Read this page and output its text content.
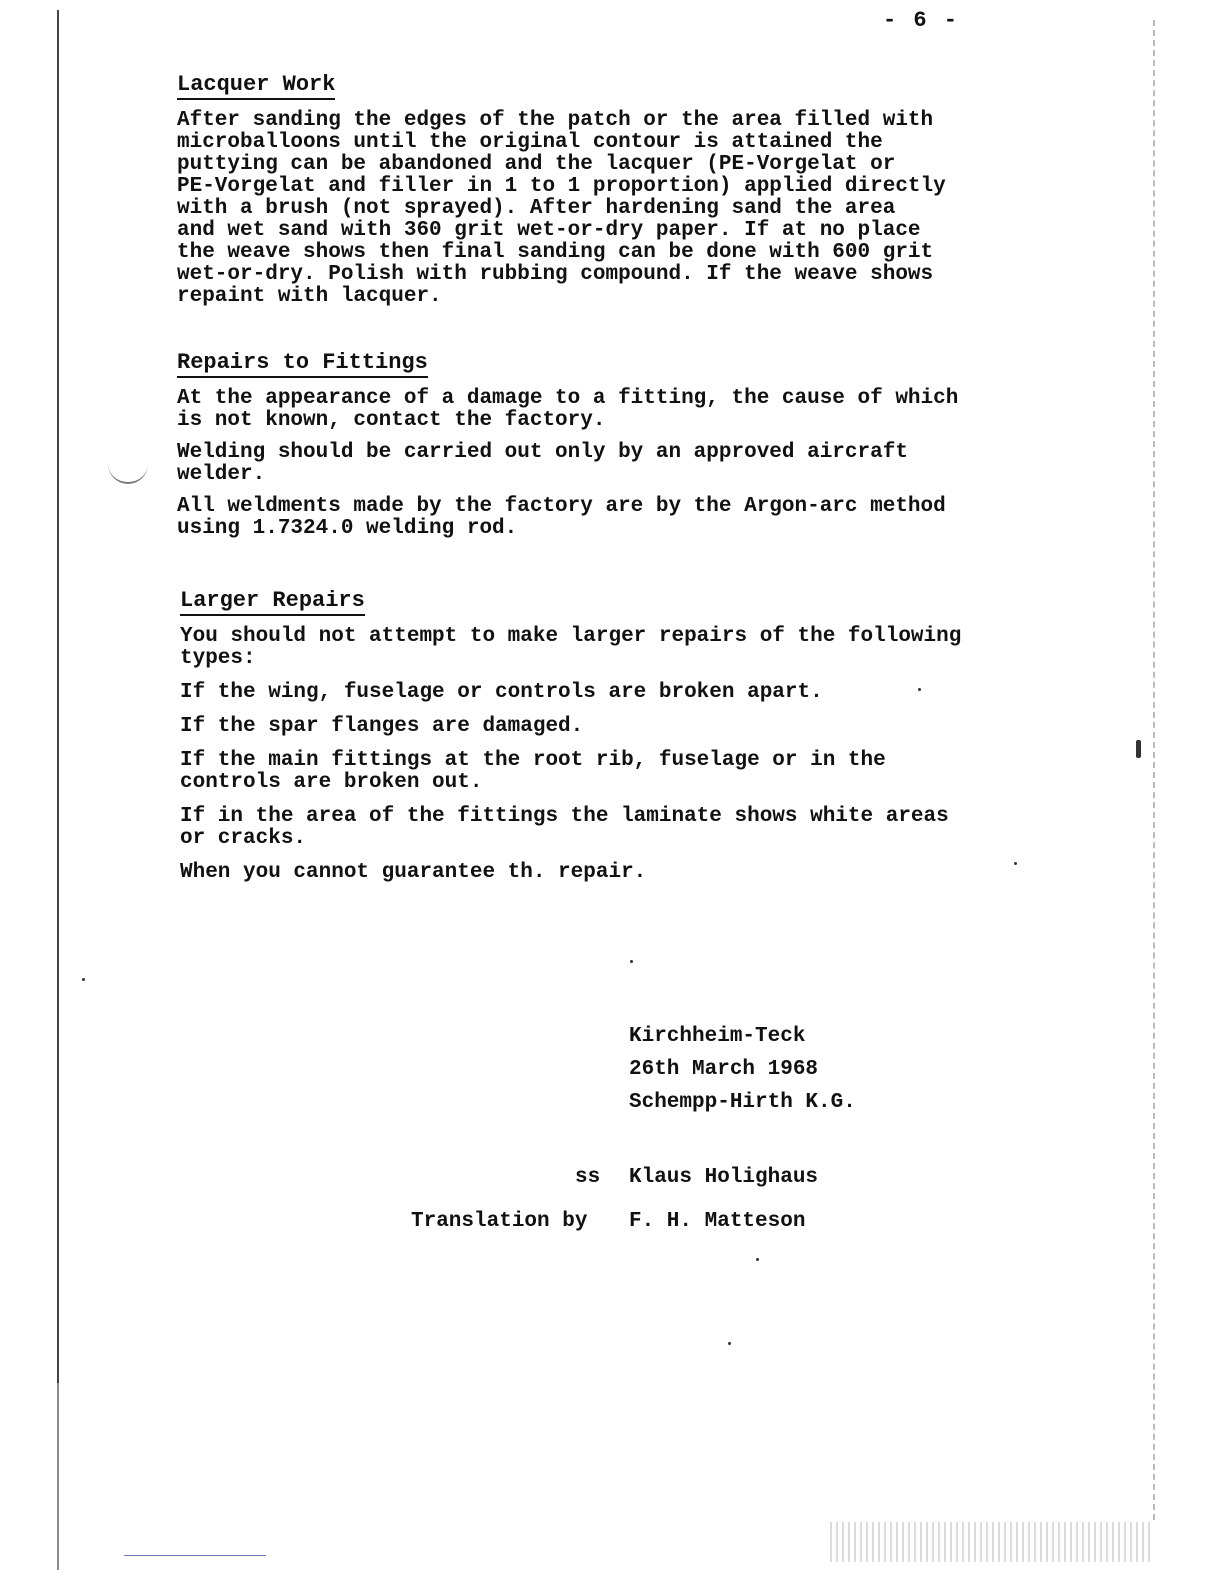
- 6 -
Lacquer Work
After sanding the edges of the patch or the area filled with
microballoons until the original contour is attained the
puttying can be abandoned and the lacquer (PE-Vorgelat or
PE-Vorgelat and filler in 1 to 1 proportion) applied directly
with a brush (not sprayed). After hardening sand the area
and wet sand with 360 grit wet-or-dry paper. If at no place
the weave shows then final sanding can be done with 600 grit
wet-or-dry. Polish with rubbing compound. If the weave shows
repaint with lacquer.
Repairs to Fittings
At the appearance of a damage to a fitting, the cause of which
is not known, contact the factory.
Welding should be carried out only by an approved aircraft
welder.
All weldments made by the factory are by the Argon-arc method
using 1.7324.0 welding rod.
Larger Repairs
You should not attempt to make larger repairs of the following
types:
If the wing, fuselage or controls are broken apart.
If the spar flanges are damaged.
If the main fittings at the root rib, fuselage or in the
controls are broken out.
If in the area of the fittings the laminate shows white areas
or cracks.
When you cannot guarantee th. repair.
Kirchheim-Teck
26th March 1968
Schempp-Hirth K.G.
ss Klaus Holighaus
Translation by F. H. Matteson
